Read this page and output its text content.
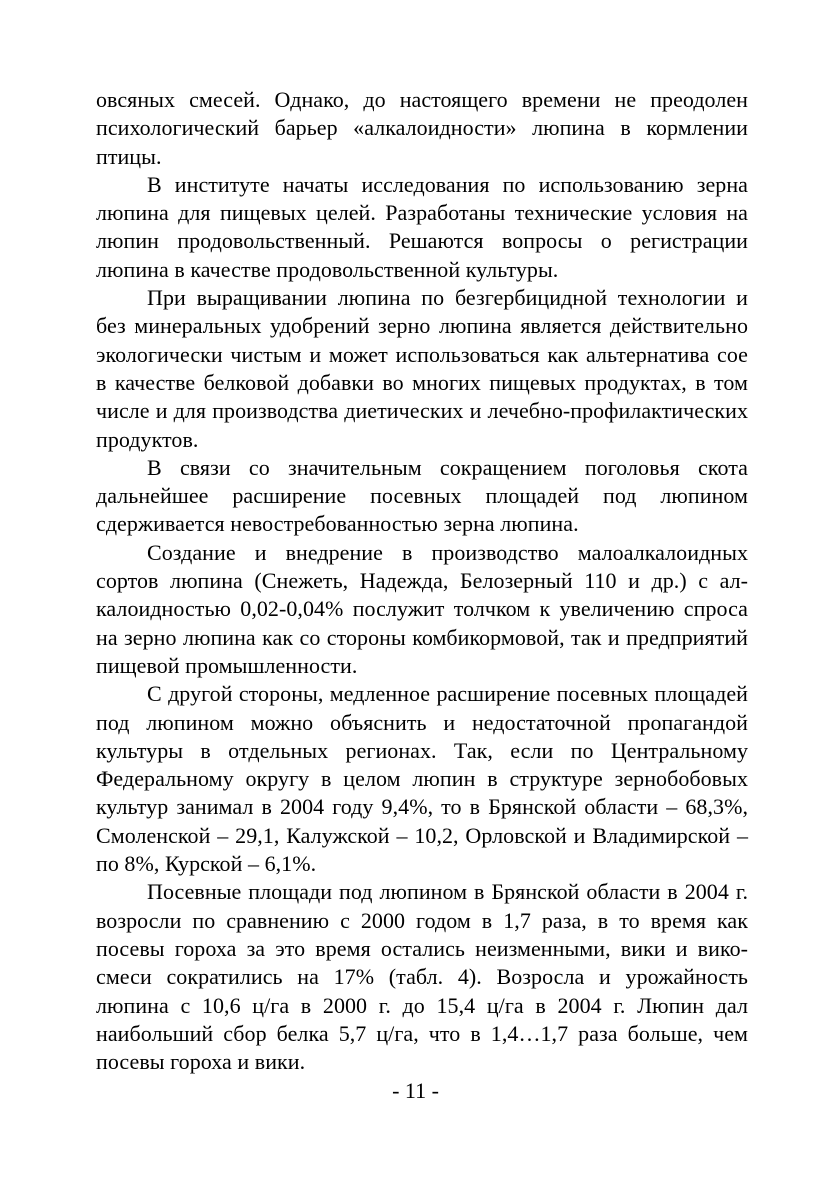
овсяных смесей. Однако, до настоящего времени не преодолен психологический барьер «алкалоидности» люпина в кормлении птицы.

В институте начаты исследования по использованию зерна люпина для пищевых целей. Разработаны технические условия на люпин продовольственный. Решаются вопросы о регистрации люпина в качестве продовольственной культуры.

При выращивании люпина по безгербицидной технологии и без минеральных удобрений зерно люпина является действительно экологически чистым и может использоваться как альтернатива сое в качестве белковой добавки во многих пищевых продуктах, в том числе и для производства диетических и лечебно-профилактических продуктов.

В связи со значительным сокращением поголовья скота дальнейшее расширение посевных площадей под люпином сдерживается невостребованностью зерна люпина.

Создание и внедрение в производство малоалкалоидных сортов люпина (Снежеть, Надежда, Белозерный 110 и др.) с алкалоидностью 0,02-0,04% послужит толчком к увеличению спроса на зерно люпина как со стороны комбикормовой, так и предприятий пищевой промышленности.

С другой стороны, медленное расширение посевных площадей под люпином можно объяснить и недостаточной пропагандой культуры в отдельных регионах. Так, если по Центральному Федеральному округу в целом люпин в структуре зернобобовых культур занимал в 2004 году 9,4%, то в Брянской области – 68,3%, Смоленской – 29,1, Калужской – 10,2, Орловской и Владимирской – по 8%, Курской – 6,1%.

Посевные площади под люпином в Брянской области в 2004 г. возросли по сравнению с 2000 годом в 1,7 раза, в то время как посевы гороха за это время остались неизменными, вики и вико-смеси сократились на 17% (табл. 4). Возросла и урожайность люпина с 10,6 ц/га в 2000 г. до 15,4 ц/га в 2004 г. Люпин дал наибольший сбор белка 5,7 ц/га, что в 1,4…1,7 раза больше, чем посевы гороха и вики.

- 11 -
